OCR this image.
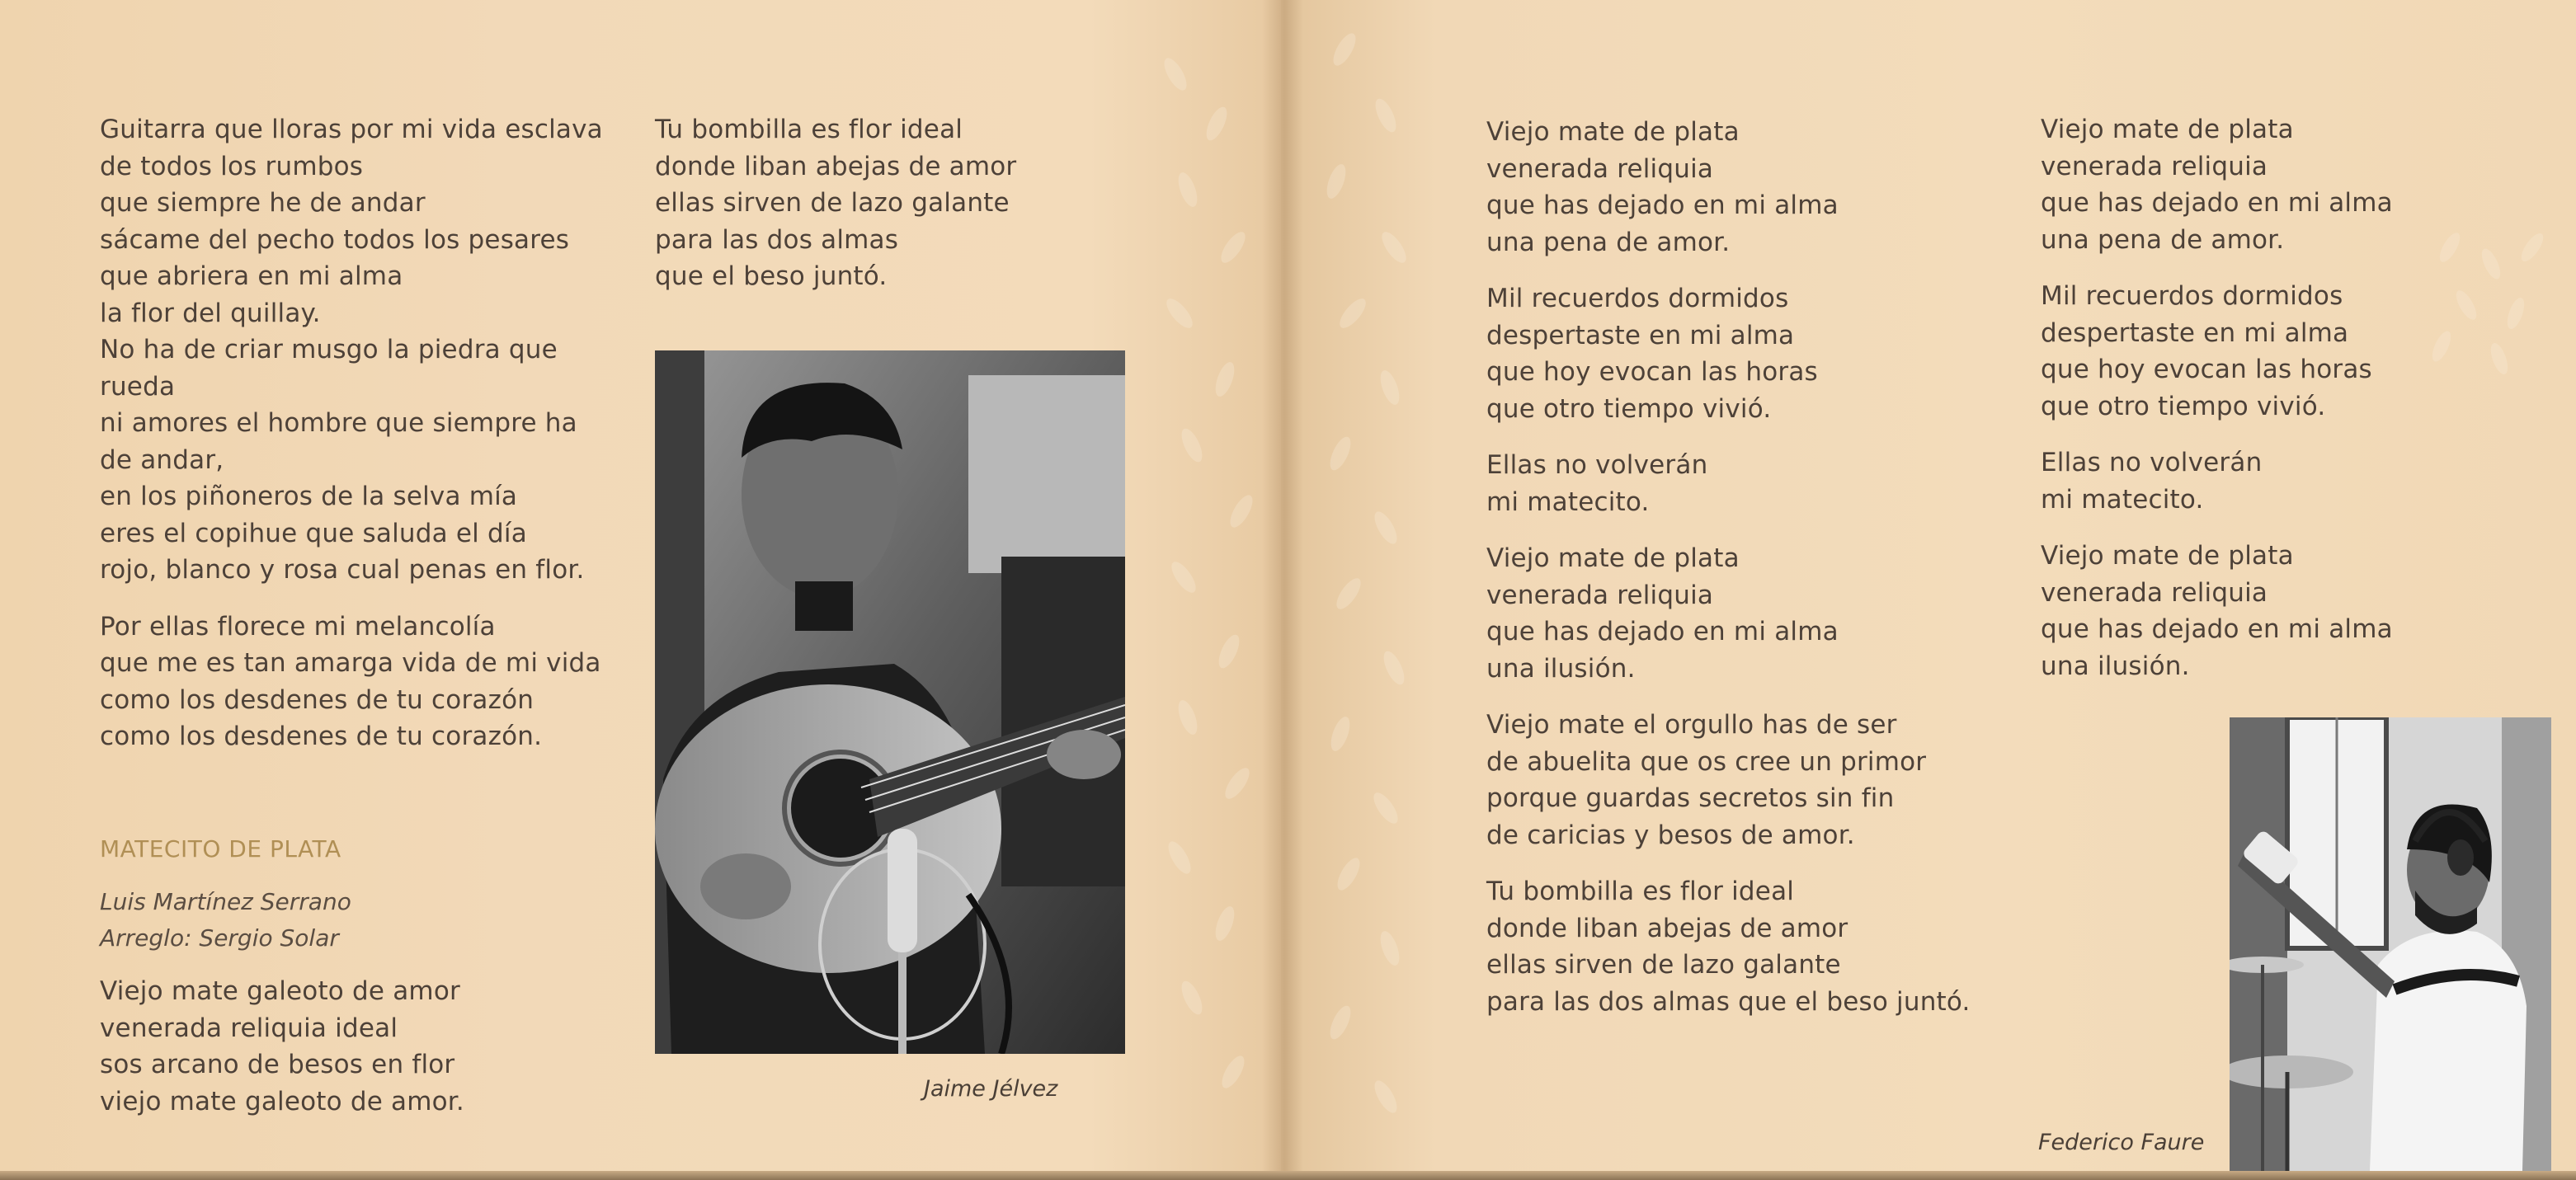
Guitarra que lloras por mi vida esclava
de todos los rumbos
que siempre he de andar
sácame del pecho todos los pesares
que abriera en mi alma
la flor del quillay.
No ha de criar musgo la piedra que
rueda
ni amores el hombre que siempre ha
de andar,
en los piñoneros de la selva mía
eres el copihue que saluda el día
rojo, blanco y rosa cual penas en flor.
Por ellas florece mi melancolía
que me es tan amarga vida de mi vida
como los desdenes de tu corazón
como los desdenes de tu corazón.
MATECITO DE PLATA
Luis Martínez Serrano
Arreglo: Sergio Solar
Viejo mate galeoto de amor
venerada reliquia ideal
sos arcano de besos en flor
viejo mate galeoto de amor.
Tu bombilla es flor ideal
donde liban abejas de amor
ellas sirven de lazo galante
para las dos almas
que el beso juntó.
Jaime Jélvez
Viejo mate de plata
venerada reliquia
que has dejado en mi alma
una pena de amor.
Mil recuerdos dormidos
despertaste en mi alma
que hoy evocan las horas
que otro tiempo vivió.
Ellas no volverán
mi matecito.
Viejo mate de plata
venerada reliquia
que has dejado en mi alma
una ilusión.
Viejo mate el orgullo has de ser
de abuelita que os cree un primor
porque guardas secretos sin fin
de caricias y besos de amor.
Tu bombilla es flor ideal
donde liban abejas de amor
ellas sirven de lazo galante
para las dos almas que el beso juntó.
Viejo mate de plata
venerada reliquia
que has dejado en mi alma
una pena de amor.
Mil recuerdos dormidos
despertaste en mi alma
que hoy evocan las horas
que otro tiempo vivió.
Ellas no volverán
mi matecito.
Viejo mate de plata
venerada reliquia
que has dejado en mi alma
una ilusión.
Federico Faure
